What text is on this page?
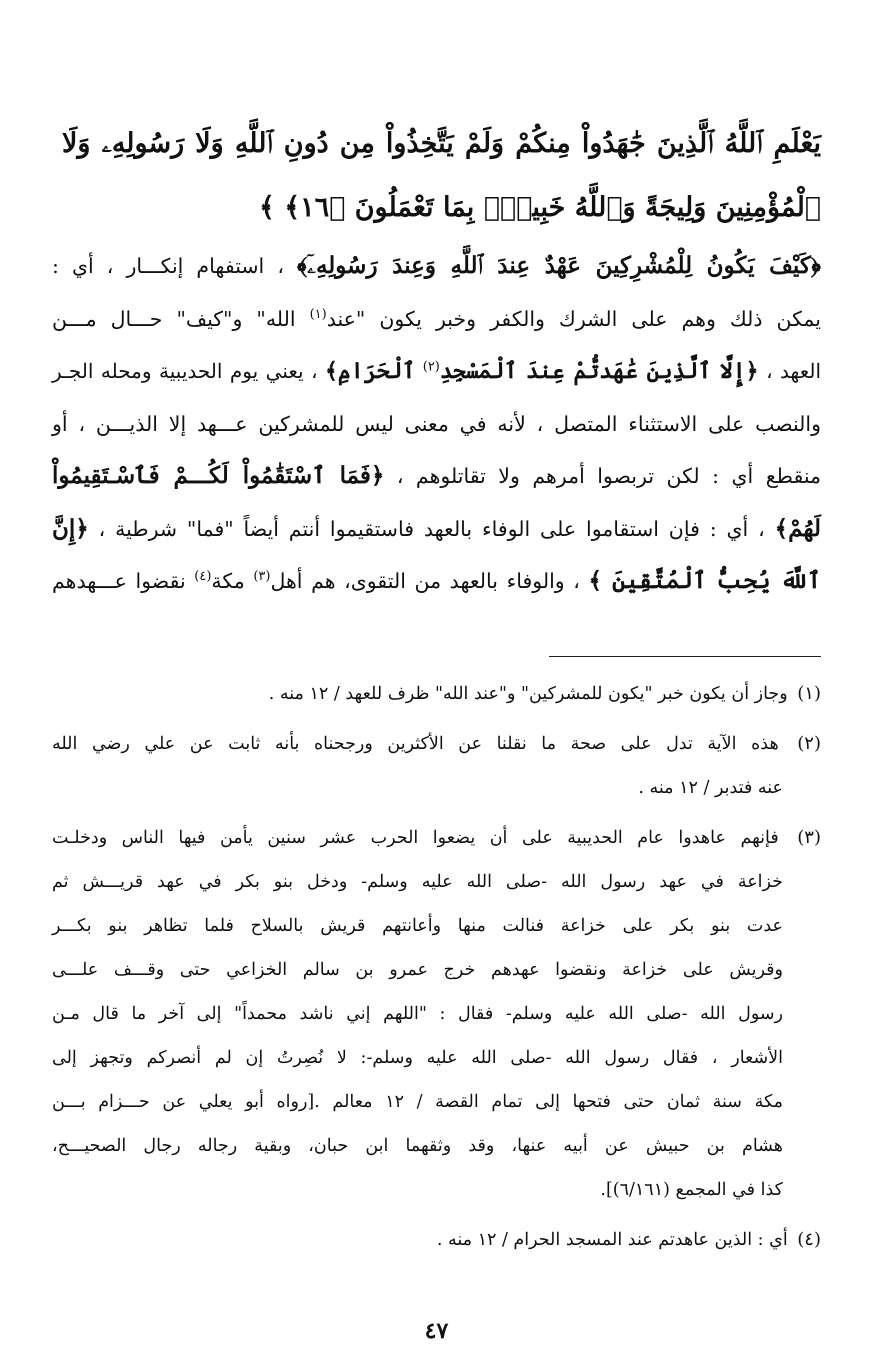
يَعْلَمِ ٱللَّهُ ٱلَّذِينَ جَٰهَدُواْ مِنكُمْ وَلَمْ يَتَّخِذُواْ مِن دُونِ ٱللَّهِ وَلَا رَسُولِهِۦ وَلَا
ٱلْمُؤْمِنِينَ وَلِيجَةً وَٱللَّهُ خَبِيرٌۢ بِمَا تَعْمَلُونَ ﴿١٦﴾ ﴾
﴿كَيْفَ يَكُونُ لِلْمُشْرِكِينَ عَهْدٌ عِندَ ٱللَّهِ وَعِندَ رَسُولِهِۦٓ﴾ ، استفهام إنكـــار ، أي :
يمكن ذلك وهم على الشرك والكفر وخبر يكون "عند$^{(١)}$ الله" و"كيف" حـــال مـــن
العهد ، ﴿إِلَّا ٱلَّذِينَ عَٰهَدتُّمْ عِندَ ٱلْمَسْجِدِ$^{(٢)}$ ٱلْحَرَامِ﴾ ، يعني يوم الحديبية ومحله الجـر
والنصب على الاستثناء المتصل ، لأنه في معنى ليس للمشركين عـــهد إلا الذيـــن ، أو
منقطع أي : لكن تربصوا أمرهم ولا تقاتلوهم ، ﴿فَمَا ٱسْتَقَٰمُواْ لَكُـــمْ فَٱسْـتَقِيمُواْ
لَهُمْ﴾ ، أي : فإن استقاموا على الوفاء بالعهد فاستقيموا أنتم أيضاً "فما" شرطية ، ﴿إِنَّ
ٱللَّهَ يُحِبُّ ٱلْمُتَّقِينَ ﴾ ، والوفاء بالعهد من التقوى، هم أهل$^{(٣)}$ مكة$^{(٤)}$ نقضوا عـــهدهم
(١) وجاز أن يكون خبر "يكون للمشركين" و"عند الله" ظرف للعهد / ١٢ منه .
(٢) هذه الآية تدل على صحة ما نقلنا عن الأكثرين ورجحناه بأنه ثابت عن علي رضي الله
عنه فتدبر / ١٢ منه .
(٣) فإنهم عاهدوا عام الحديبية على أن يضعوا الحرب عشر سنين يأمن فيها الناس ودخلـت
خزاعة في عهد رسول الله -صلى الله عليه وسلم- ودخل بنو بكر في عهد قريـــش ثم
عدت بنو بكر على خزاعة فنالت منها وأعانتهم قريش بالسلاح فلما تظاهر بنو بكـــر
وقريش على خزاعة ونقضوا عهدهم خرج عمرو بن سالم الخزاعي حتى وقـــف علـــى
رسول الله -صلى الله عليه وسلم- فقال : "اللهم إني ناشد محمداً" إلى آخر ما قال مـن
الأشعار ، فقال رسول الله -صلى الله عليه وسلم-: لا نُصِرتُ إن لم أنصركم وتجهز إلى
مكة سنة ثمان حتى فتحها إلى تمام القصة / ١٢ معالم .[رواه أبو يعلي عن حـــزام بـــن
هشام بن حبيش عن أبيه عنها، وقد وثقهما ابن حبان، وبقية رجاله رجال الصحيـــح،
كذا في المجمع (٦/١٦١)].
(٤) أي : الذين عاهدتم عند المسجد الحرام / ١٢ منه .
٤٧
